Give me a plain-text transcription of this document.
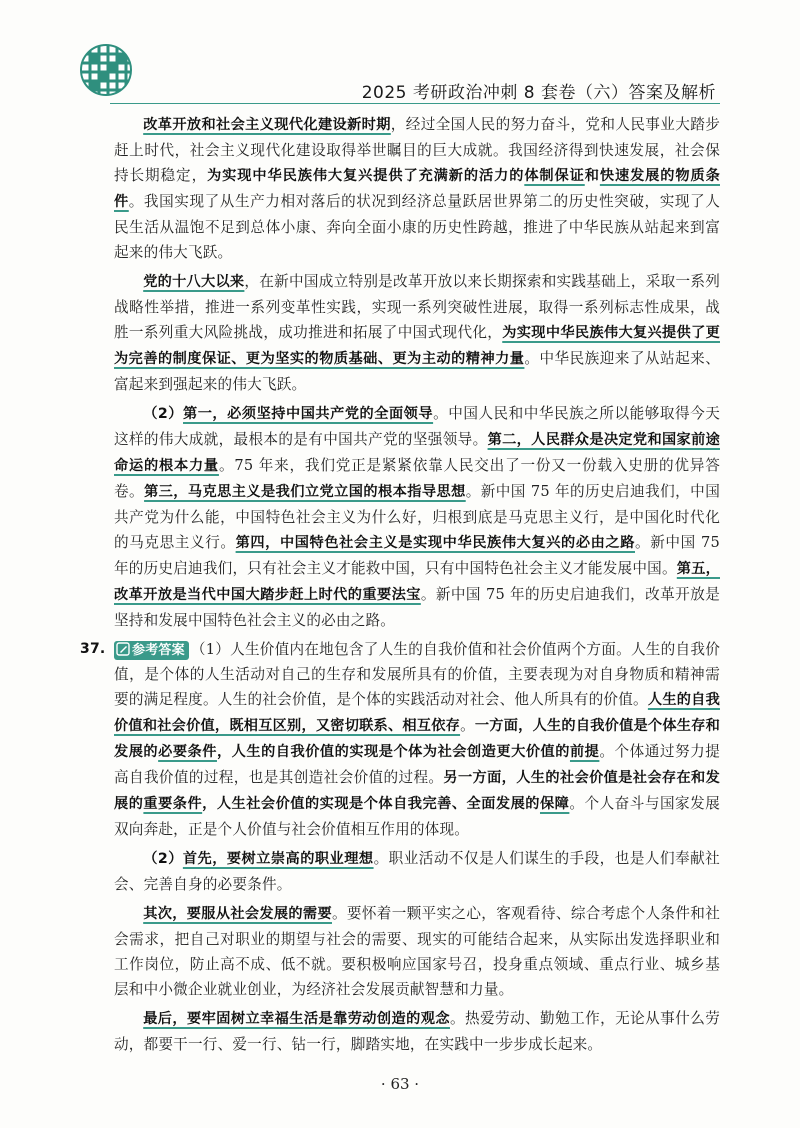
2025 考研政治冲刺 8 套卷（六）答案及解析

改革开放和社会主义现代化建设新时期，经过全国人民的努力奋斗，党和人民事业大踏步赶上时代，社会主义现代化建设取得举世瞩目的巨大成就。我国经济得到快速发展，社会保持长期稳定，为实现中华民族伟大复兴提供了充满新的活力的体制保证和快速发展的物质条件。我国实现了从生产力相对落后的状况到经济总量跃居世界第二的历史性突破，实现了人民生活从温饱不足到总体小康、奔向全面小康的历史性跨越，推进了中华民族从站起来到富起来的伟大飞跃。

党的十八大以来，在新中国成立特别是改革开放以来长期探索和实践基础上，采取一系列战略性举措，推进一系列变革性实践，实现一系列突破性进展，取得一系列标志性成果，战胜一系列重大风险挑战，成功推进和拓展了中国式现代化，为实现中华民族伟大复兴提供了更为完善的制度保证、更为坚实的物质基础、更为主动的精神力量。中华民族迎来了从站起来、富起来到强起来的伟大飞跃。

（2）第一，必须坚持中国共产党的全面领导。中国人民和中华民族之所以能够取得今天这样的伟大成就，最根本的是有中国共产党的坚强领导。第二，人民群众是决定党和国家前途命运的根本力量。75 年来，我们党正是紧紧依靠人民交出了一份又一份载入史册的优异答卷。第三，马克思主义是我们立党立国的根本指导思想。新中国 75 年的历史启迪我们，中国共产党为什么能，中国特色社会主义为什么好，归根到底是马克思主义行，是中国化时代化的马克思主义行。第四，中国特色社会主义是实现中华民族伟大复兴的必由之路。新中国 75 年的历史启迪我们，只有社会主义才能救中国，只有中国特色社会主义才能发展中国。第五，改革开放是当代中国大踏步赶上时代的重要法宝。新中国 75 年的历史启迪我们，改革开放是坚持和发展中国特色社会主义的必由之路。

37.	参考答案 （1）人生价值内在地包含了人生的自我价值和社会价值两个方面。人生的自我价值，是个体的人生活动对自己的生存和发展所具有的价值，主要表现为对自身物质和精神需要的满足程度。人生的社会价值，是个体的实践活动对社会、他人所具有的价值。人生的自我价值和社会价值，既相互区别，又密切联系、相互依存。一方面，人生的自我价值是个体生存和发展的必要条件，人生的自我价值的实现是个体为社会创造更大价值的前提。个体通过努力提高自我价值的过程，也是其创造社会价值的过程。另一方面，人生的社会价值是社会存在和发展的重要条件，人生社会价值的实现是个体自我完善、全面发展的保障。个人奋斗与国家发展双向奔赴，正是个人价值与社会价值相互作用的体现。

（2）首先，要树立崇高的职业理想。职业活动不仅是人们谋生的手段，也是人们奉献社会、完善自身的必要条件。

其次，要服从社会发展的需要。要怀着一颗平实之心，客观看待、综合考虑个人条件和社会需求，把自己对职业的期望与社会的需要、现实的可能结合起来，从实际出发选择职业和工作岗位，防止高不成、低不就。要积极响应国家号召，投身重点领域、重点行业、城乡基层和中小微企业就业创业，为经济社会发展贡献智慧和力量。

最后，要牢固树立幸福生活是靠劳动创造的观念。热爱劳动、勤勉工作，无论从事什么劳动，都要干一行、爱一行、钻一行，脚踏实地，在实践中一步步成长起来。

· 63 ·
